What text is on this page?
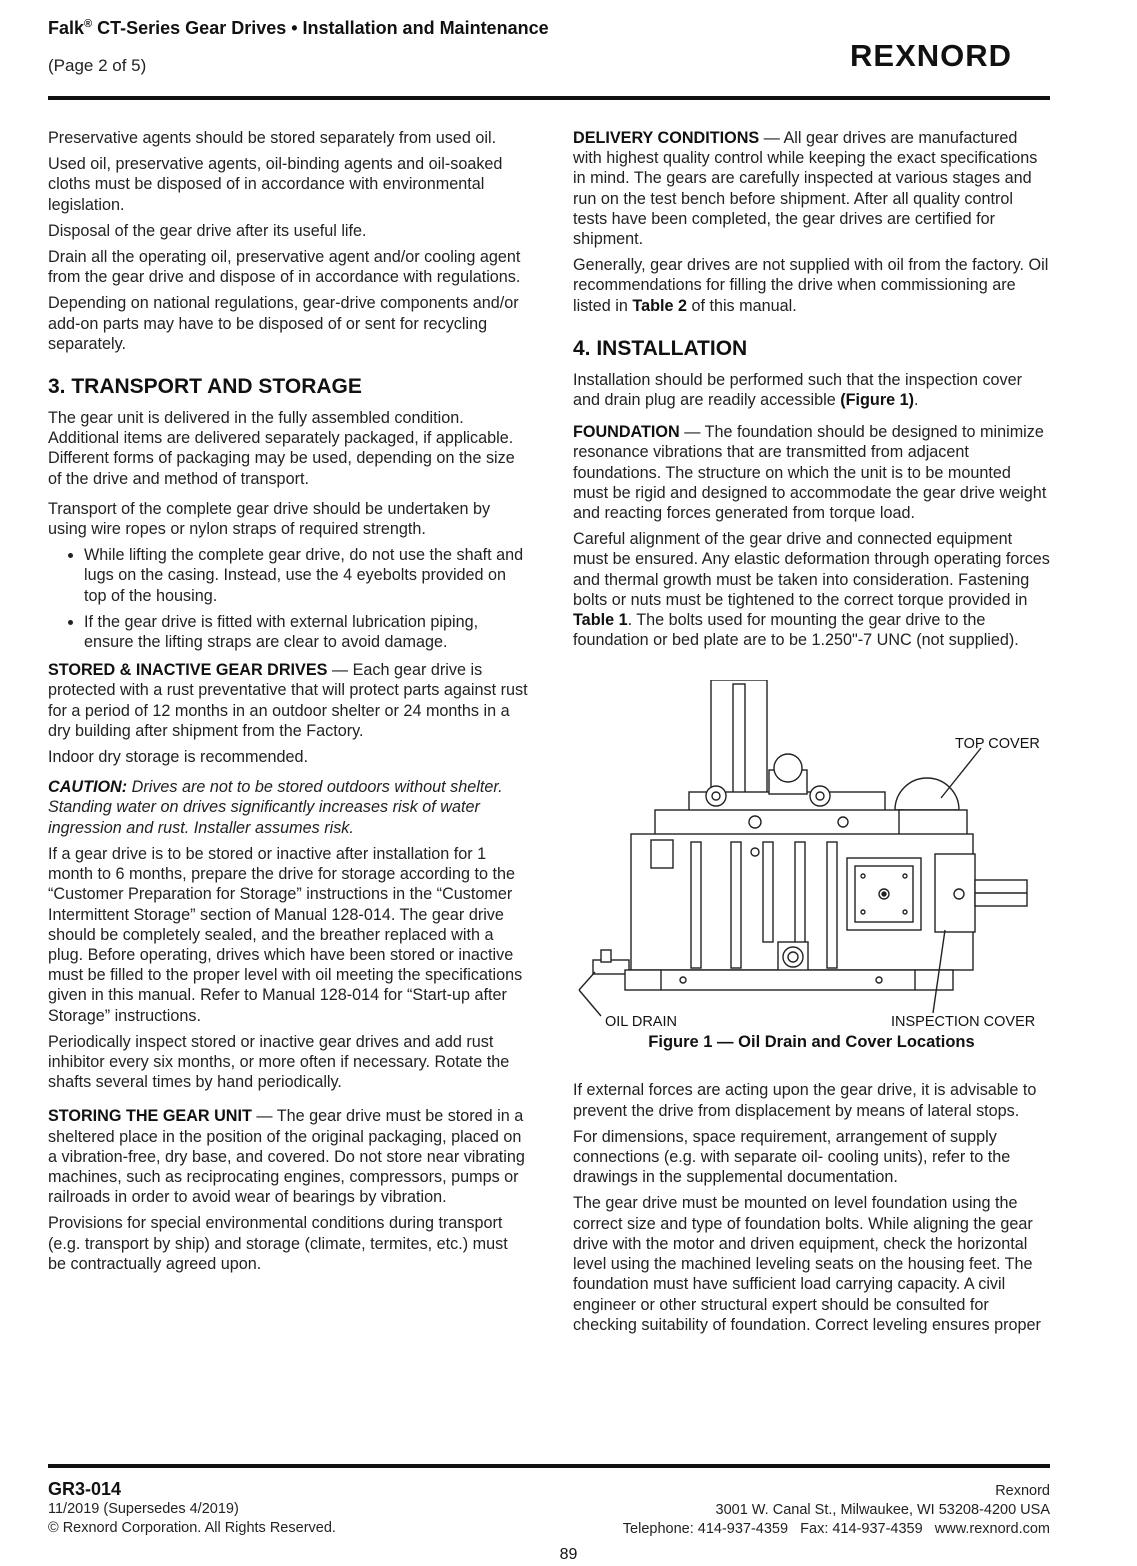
Falk® CT-Series Gear Drives • Installation and Maintenance
(Page 2 of 5)	REXNORD

Preservative agents should be stored separately from used oil.

Used oil, preservative agents, oil-binding agents and oil-soaked cloths must be disposed of in accordance with environmental legislation.

Disposal of the gear drive after its useful life.

Drain all the operating oil, preservative agent and/or cooling agent from the gear drive and dispose of in accordance with regulations.

Depending on national regulations, gear-drive components and/or add-on parts may have to be disposed of or sent for recycling separately.

3. TRANSPORT AND STORAGE

The gear unit is delivered in the fully assembled condition. Additional items are delivered separately packaged, if applicable. Different forms of packaging may be used, depending on the size of the drive and method of transport.

Transport of the complete gear drive should be undertaken by using wire ropes or nylon straps of required strength.

• While lifting the complete gear drive, do not use the shaft and lugs on the casing. Instead, use the 4 eyebolts provided on top of the housing.
• If the gear drive is fitted with external lubrication piping, ensure the lifting straps are clear to avoid damage.

STORED & INACTIVE GEAR DRIVES — Each gear drive is protected with a rust preventative that will protect parts against rust for a period of 12 months in an outdoor shelter or 24 months in a dry building after shipment from the Factory.

Indoor dry storage is recommended.

CAUTION: Drives are not to be stored outdoors without shelter. Standing water on drives significantly increases risk of water ingression and rust. Installer assumes risk.

If a gear drive is to be stored or inactive after installation for 1 month to 6 months, prepare the drive for storage according to the “Customer Preparation for Storage” instructions in the “Customer Intermittent Storage” section of Manual 128-014. The gear drive should be completely sealed, and the breather replaced with a plug. Before operating, drives which have been stored or inactive must be filled to the proper level with oil meeting the specifications given in this manual. Refer to Manual 128-014 for “Start-up after Storage” instructions.

Periodically inspect stored or inactive gear drives and add rust inhibitor every six months, or more often if necessary. Rotate the shafts several times by hand periodically.

STORING THE GEAR UNIT — The gear drive must be stored in a sheltered place in the position of the original packaging, placed on a vibration-free, dry base, and covered. Do not store near vibrating machines, such as reciprocating engines, compressors, pumps or railroads in order to avoid wear of bearings by vibration.

Provisions for special environmental conditions during transport (e.g. transport by ship) and storage (climate, termites, etc.) must be contractually agreed upon.

DELIVERY CONDITIONS — All gear drives are manufactured with highest quality control while keeping the exact specifications in mind. The gears are carefully inspected at various stages and run on the test bench before shipment. After all quality control tests have been completed, the gear drives are certified for shipment.

Generally, gear drives are not supplied with oil from the factory. Oil recommendations for filling the drive when commissioning are listed in Table 2 of this manual.

4. INSTALLATION

Installation should be performed such that the inspection cover and drain plug are readily accessible (Figure 1).

FOUNDATION — The foundation should be designed to minimize resonance vibrations that are transmitted from adjacent foundations. The structure on which the unit is to be mounted must be rigid and designed to accommodate the gear drive weight and reacting forces generated from torque load.

Careful alignment of the gear drive and connected equipment must be ensured. Any elastic deformation through operating forces and thermal growth must be taken into consideration. Fastening bolts or nuts must be tightened to the correct torque provided in Table 1. The bolts used for mounting the gear drive to the foundation or bed plate are to be 1.250"-7 UNC (not supplied).

TOP COVER
OIL DRAIN	INSPECTION COVER
Figure 1 — Oil Drain and Cover Locations

If external forces are acting upon the gear drive, it is advisable to prevent the drive from displacement by means of lateral stops.

For dimensions, space requirement, arrangement of supply connections (e.g. with separate oil- cooling units), refer to the drawings in the supplemental documentation.

The gear drive must be mounted on level foundation using the correct size and type of foundation bolts. While aligning the gear drive with the motor and driven equipment, check the horizontal level using the machined leveling seats on the housing feet. The foundation must have sufficient load carrying capacity. A civil engineer or other structural expert should be consulted for checking suitability of foundation. Correct leveling ensures proper

GR3-014
11/2019 (Supersedes 4/2019)
© Rexnord Corporation. All Rights Reserved.
Rexnord
3001 W. Canal St., Milwaukee, WI 53208-4200 USA
Telephone: 414-937-4359   Fax: 414-937-4359   www.rexnord.com
89
